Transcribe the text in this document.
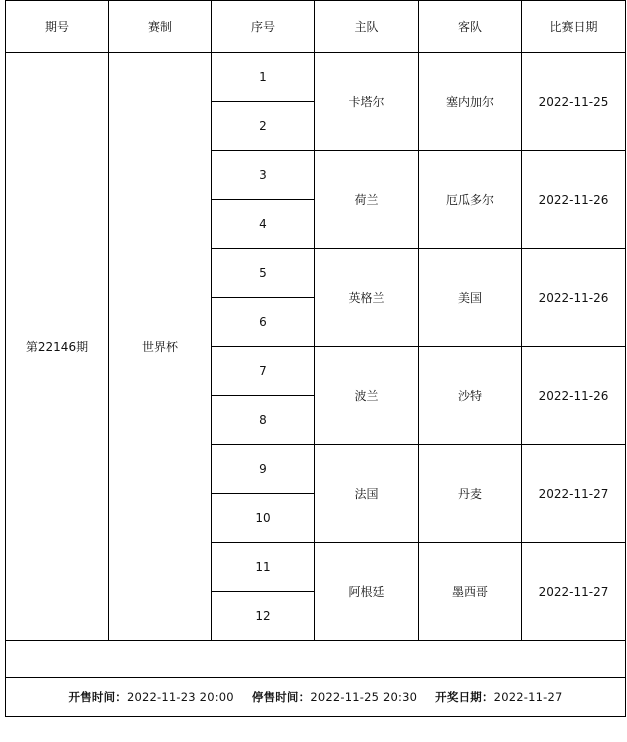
期号	赛制	序号	主队	客队	比赛日期
第22146期	世界杯	1	卡塔尔	塞内加尔	2022-11-25
		2			
		3	荷兰	厄瓜多尔	2022-11-26
		4			
		5	英格兰	美国	2022-11-26
		6			
		7	波兰	沙特	2022-11-26
		8			
		9	法国	丹麦	2022-11-27
		10			
		11	阿根廷	墨西哥	2022-11-27
		12			

开售时间：2022-11-23 20:00 停售时间：2022-11-25 20:30 开奖日期：2022-11-27					
